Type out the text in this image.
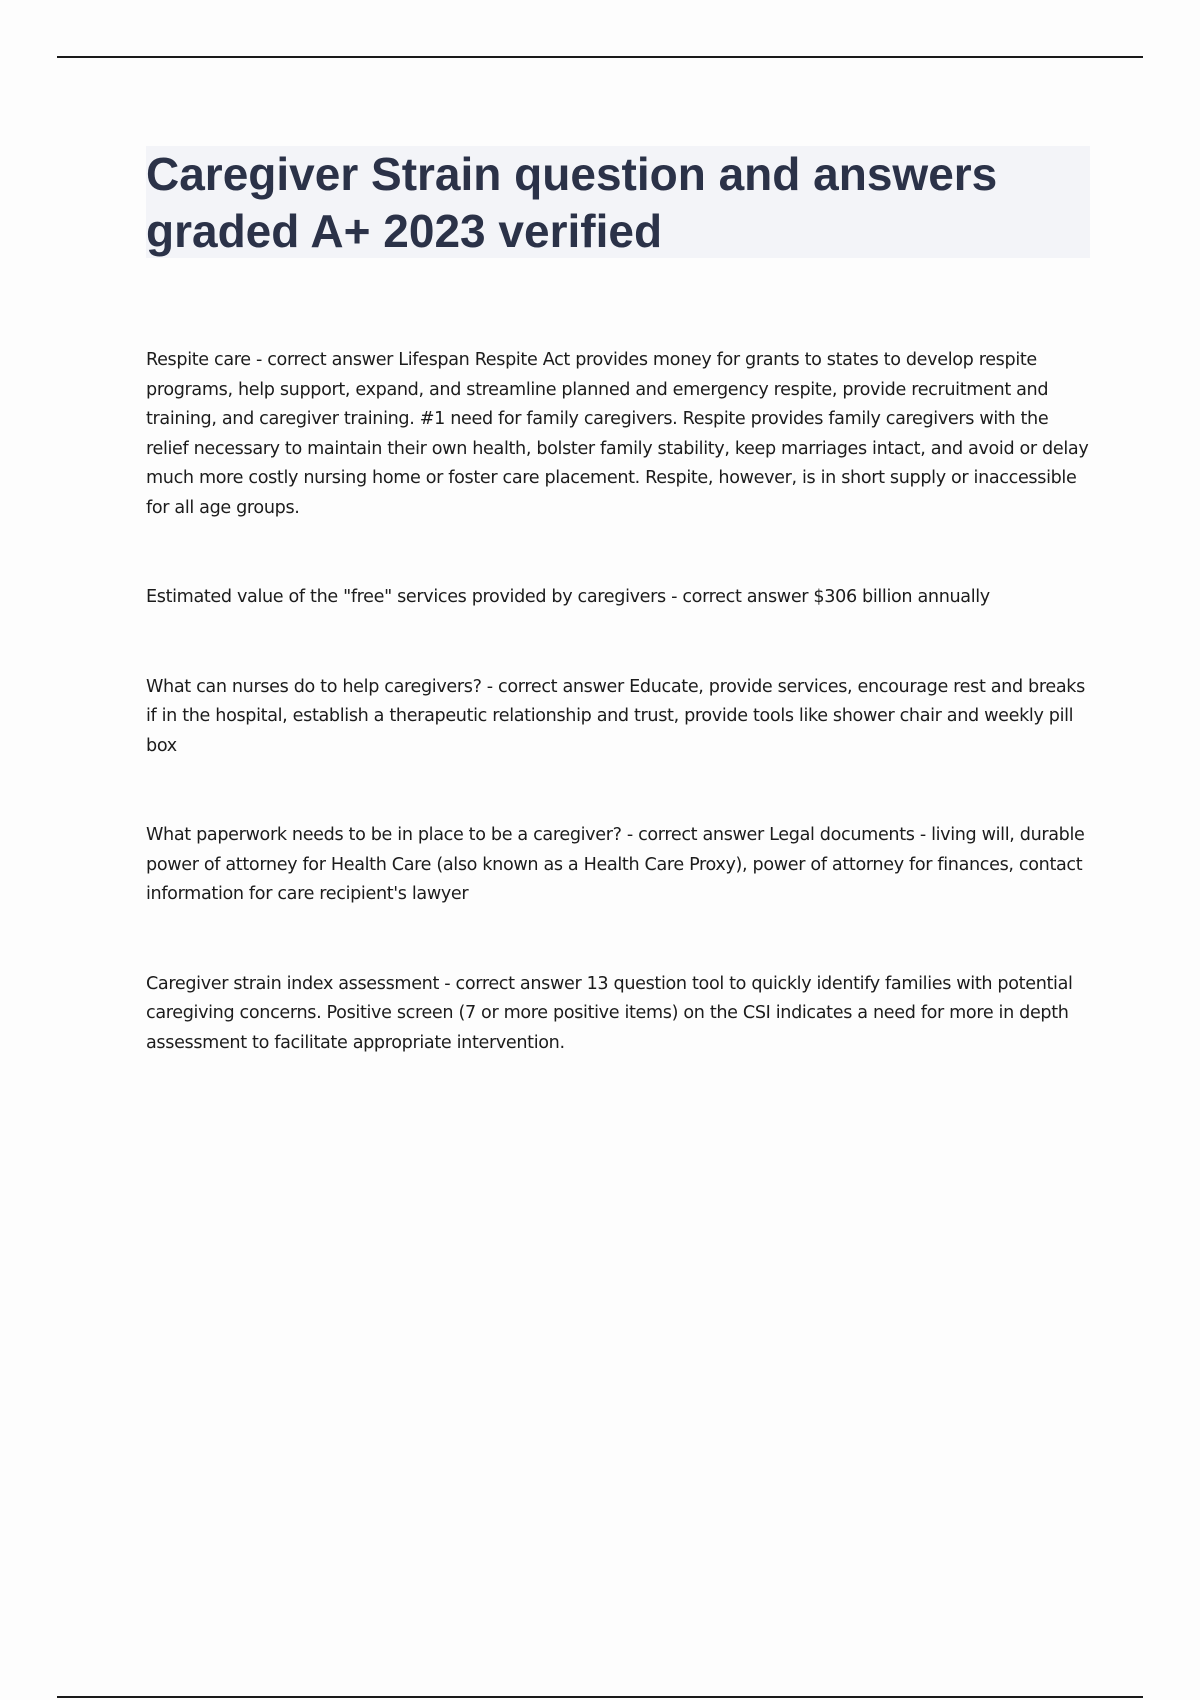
Caregiver Strain question and answers graded A+ 2023 verified

Respite care - correct answer Lifespan Respite Act provides money for grants to states to develop respite programs, help support, expand, and streamline planned and emergency respite, provide recruitment and training, and caregiver training. #1 need for family caregivers. Respite provides family caregivers with the relief necessary to maintain their own health, bolster family stability, keep marriages intact, and avoid or delay much more costly nursing home or foster care placement. Respite, however, is in short supply or inaccessible for all age groups.

Estimated value of the "free" services provided by caregivers - correct answer $306 billion annually

What can nurses do to help caregivers? - correct answer Educate, provide services, encourage rest and breaks if in the hospital, establish a therapeutic relationship and trust, provide tools like shower chair and weekly pill box

What paperwork needs to be in place to be a caregiver? - correct answer Legal documents - living will, durable power of attorney for Health Care (also known as a Health Care Proxy), power of attorney for finances, contact information for care recipient's lawyer

Caregiver strain index assessment - correct answer 13 question tool to quickly identify families with potential caregiving concerns. Positive screen (7 or more positive items) on the CSI indicates a need for more in depth assessment to facilitate appropriate intervention.
